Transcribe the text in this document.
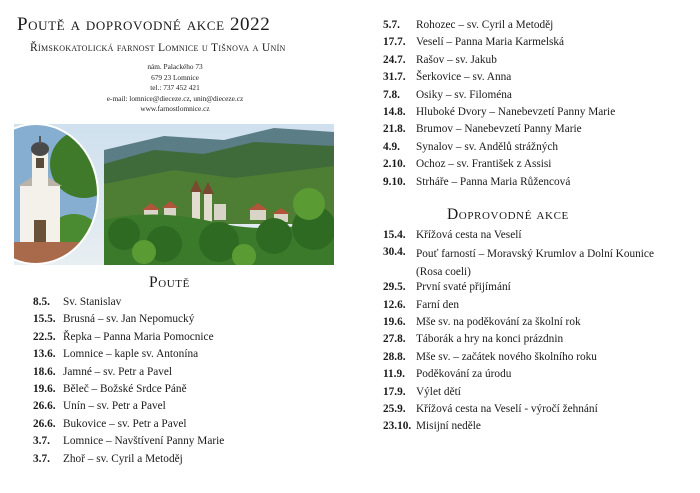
Poutě a doprovodné akce 2022
Římskokatolická farnost Lomnice u Tišnova a Unín
nám. Palackého 73
679 23 Lomnice
tel.: 737 452 421
e-mail: lomnice@dieceze.cz, unin@dieceze.cz
www.farnostlomnice.cz
Poutě
8.5. Sv. Stanislav
15.5. Brusná – sv. Jan Nepomucký
22.5. Řepka – Panna Maria Pomocnice
13.6. Lomnice – kaple sv. Antonína
18.6. Jamné – sv. Petr a Pavel
19.6. Běleč – Božské Srdce Páně
26.6. Unín – sv. Petr a Pavel
26.6. Bukovice – sv. Petr a Pavel
3.7. Lomnice – Navštívení Panny Marie
3.7. Zhoř – sv. Cyril a Metoděj
5.7. Rohozec – sv. Cyril a Metoděj
17.7. Veselí – Panna Maria Karmelská
24.7. Rašov – sv. Jakub
31.7. Šerkovice – sv. Anna
7.8. Osiky – sv. Filoména
14.8. Hluboké Dvory – Nanebevzetí Panny Marie
21.8. Brumov – Nanebevzetí Panny Marie
4.9. Synalov – sv. Andělů strážných
2.10. Ochoz – sv. František z Assisi
9.10. Strháře – Panna Maria Růžencová
Doprovodné akce
15.4. Křížová cesta na Veselí
30.4. Pouť farností – Moravský Krumlov a Dolní Kounice (Rosa coeli)
29.5. První svaté přijímání
12.6. Farní den
19.6. Mše sv. na poděkování za školní rok
27.8. Táborák a hry na konci prázdnin
28.8. Mše sv. – začátek nového školního roku
11.9. Poděkování za úrodu
17.9. Výlet dětí
25.9. Křížová cesta na Veselí - výročí žehnání
23.10. Misijní neděle
